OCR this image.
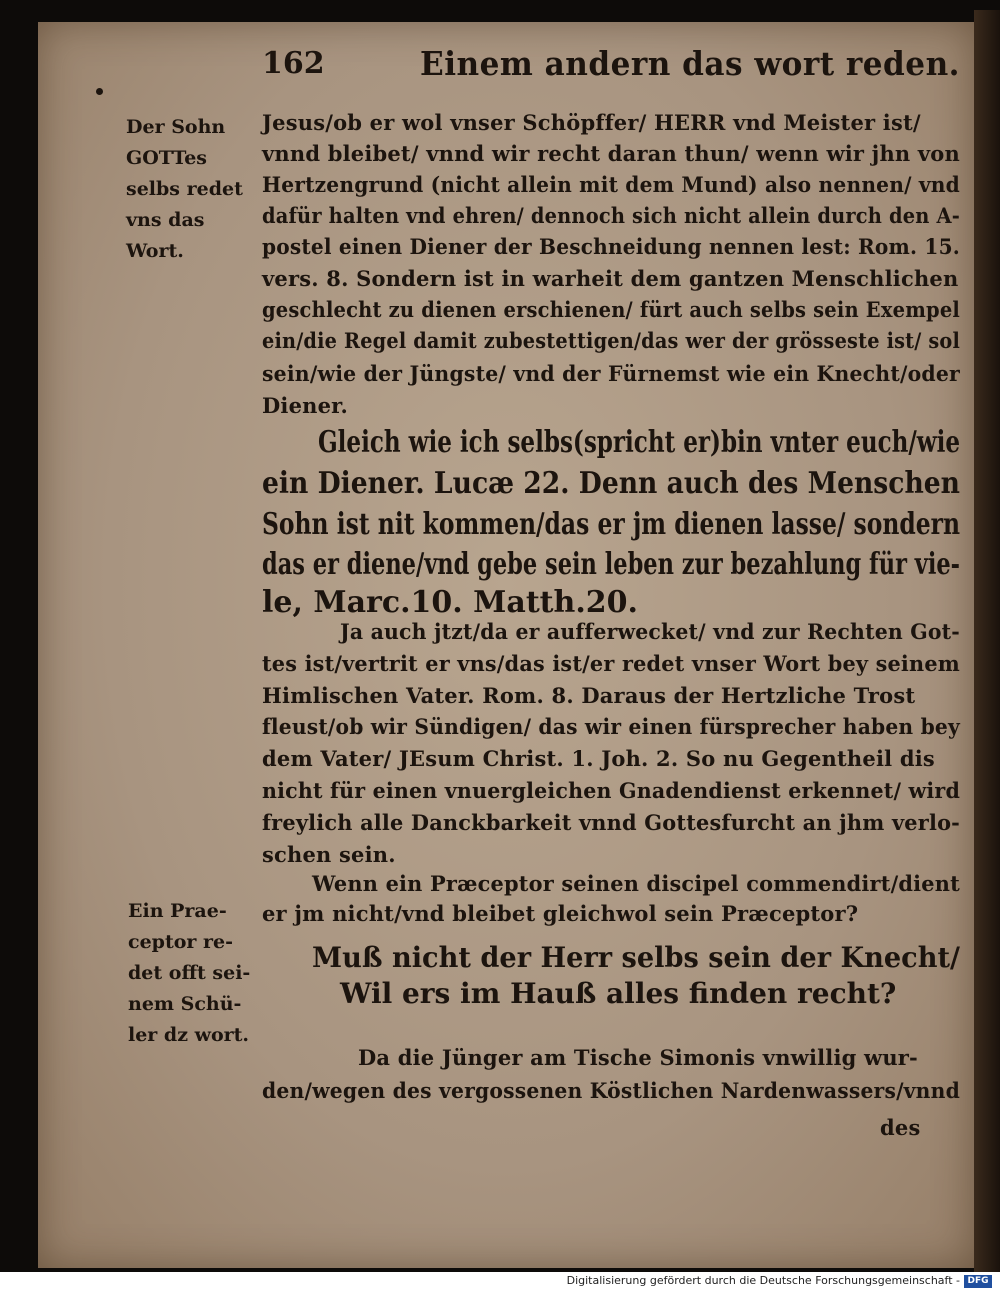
162	Einem andern das wort reden.
Der Sohn
GOTTes
selbs redet
vns das
Wort.
Ein Prae-
ceptor re-
det offt sei-
nem Schü-
ler dz wort.
Jesus/ob er wol vnser Schöpffer/ HERR vnd Meister ist/
vnnd bleibet/ vnnd wir recht daran thun/ wenn wir jhn von
Hertzengrund (nicht allein mit dem Mund) also nennen/ vnd
dafür halten vnd ehren/ dennoch sich nicht allein durch den A-
postel einen Diener der Beschneidung nennen lest: Rom. 15.
vers. 8. Sondern ist in warheit dem gantzen Menschlichen
geschlecht zu dienen erschienen/ fürt auch selbs sein Exempel
ein/die Regel damit zubestettigen/das wer der grösseste ist/ sol
sein/wie der Jüngste/ vnd der Fürnemst wie ein Knecht/oder
Diener.
Gleich wie ich selbs(spricht er)bin vnter euch/wie
ein Diener. Lucæ 22. Denn auch des Menschen
Sohn ist nit kommen/das er jm dienen lasse/ sondern
das er diene/vnd gebe sein leben zur bezahlung für vie-
le, Marc.10. Matth.20.
Ja auch jtzt/da er aufferwecket/ vnd zur Rechten Got-
tes ist/vertrit er vns/das ist/er redet vnser Wort bey seinem
Himlischen Vater. Rom. 8. Daraus der Hertzliche Trost
fleust/ob wir Sündigen/ das wir einen fürsprecher haben bey
dem Vater/ JEsum Christ. 1. Joh. 2. So nu Gegentheil dis
nicht für einen vnuergleichen Gnadendienst erkennet/ wird
freylich alle Danckbarkeit vnnd Gottesfurcht an jhm verlo-
schen sein.
Wenn ein Præceptor seinen discipel commendirt/dient
er jm nicht/vnd bleibet gleichwol sein Præceptor?
Muß nicht der Herr selbs sein der Knecht/
Wil ers im Hauß alles finden recht?
Da die Jünger am Tische Simonis vnwillig wur-
den/wegen des vergossenen Köstlichen Nardenwassers/vnnd
des
Digitalisierung gefördert durch die Deutsche Forschungsgemeinschaft - DFG
